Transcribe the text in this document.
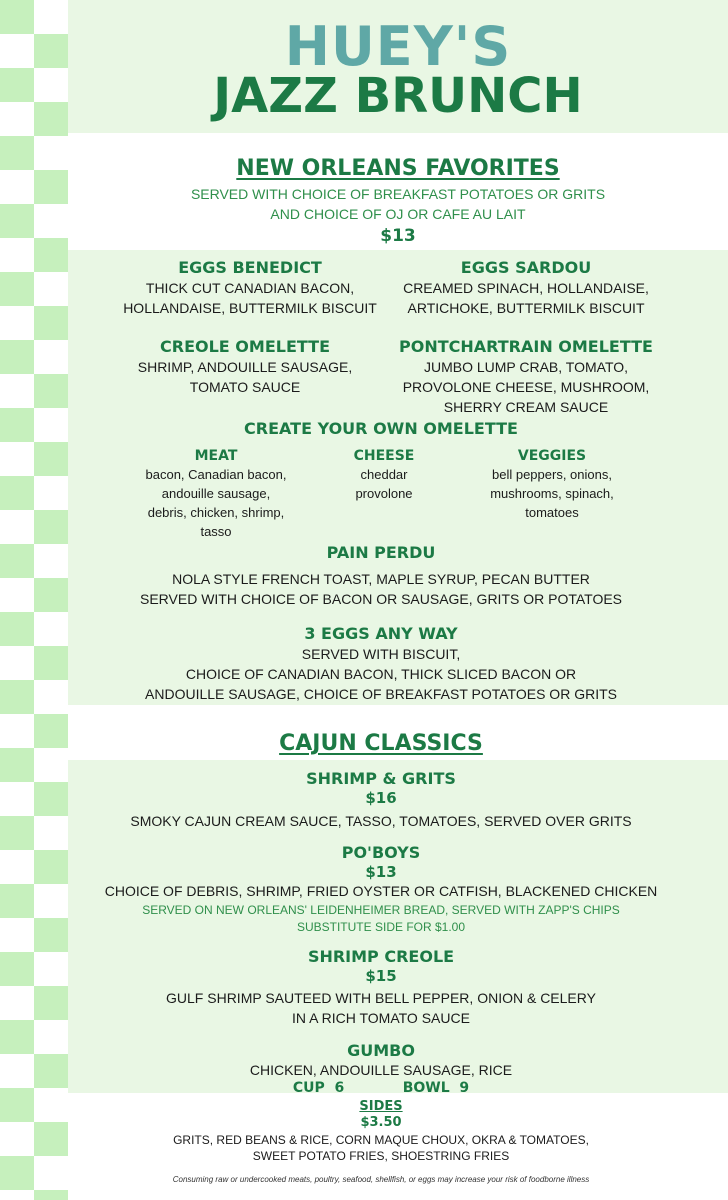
HUEY'S
JAZZ BRUNCH
NEW ORLEANS FAVORITES
SERVED WITH CHOICE OF BREAKFAST POTATOES OR GRITS
AND CHOICE OF OJ OR CAFE AU LAIT
$13
EGGS BENEDICT
THICK CUT CANADIAN BACON,
HOLLANDAISE, BUTTERMILK BISCUIT
EGGS SARDOU
CREAMED SPINACH, HOLLANDAISE,
ARTICHOKE, BUTTERMILK BISCUIT
CREOLE OMELETTE
SHRIMP, ANDOUILLE SAUSAGE,
TOMATO SAUCE
PONTCHARTRAIN OMELETTE
JUMBO LUMP CRAB, TOMATO,
PROVOLONE CHEESE, MUSHROOM,
SHERRY CREAM SAUCE
CREATE YOUR OWN OMELETTE
MEAT
bacon, Canadian bacon,
andouille sausage,
debris, chicken, shrimp,
tasso
CHEESE
cheddar
provolone
VEGGIES
bell peppers, onions,
mushrooms, spinach,
tomatoes
PAIN PERDU
NOLA STYLE FRENCH TOAST, MAPLE SYRUP, PECAN BUTTER
SERVED WITH CHOICE OF BACON OR SAUSAGE, GRITS OR POTATOES
3 EGGS ANY WAY
SERVED WITH BISCUIT,
CHOICE OF CANADIAN BACON, THICK SLICED BACON OR
ANDOUILLE SAUSAGE, CHOICE OF BREAKFAST POTATOES OR GRITS
CAJUN CLASSICS
SHRIMP & GRITS
$16
SMOKY CAJUN CREAM SAUCE, TASSO, TOMATOES, SERVED OVER GRITS
PO'BOYS
$13
CHOICE OF DEBRIS, SHRIMP, FRIED OYSTER OR CATFISH, BLACKENED CHICKEN
SERVED ON NEW ORLEANS' LEIDENHEIMER BREAD, SERVED WITH ZAPP'S CHIPS
SUBSTITUTE SIDE FOR $1.00
SHRIMP CREOLE
$15
GULF SHRIMP SAUTEED WITH BELL PEPPER, ONION & CELERY
IN A RICH TOMATO SAUCE
GUMBO
CHICKEN, ANDOUILLE SAUSAGE, RICE
CUP  6	BOWL  9
SIDES
$3.50
GRITS, RED BEANS & RICE, CORN MAQUE CHOUX, OKRA & TOMATOES,
SWEET POTATO FRIES, SHOESTRING FRIES
Consuming raw or undercooked meats, poultry, seafood, shellfish, or eggs may increase your risk of foodborne illness
